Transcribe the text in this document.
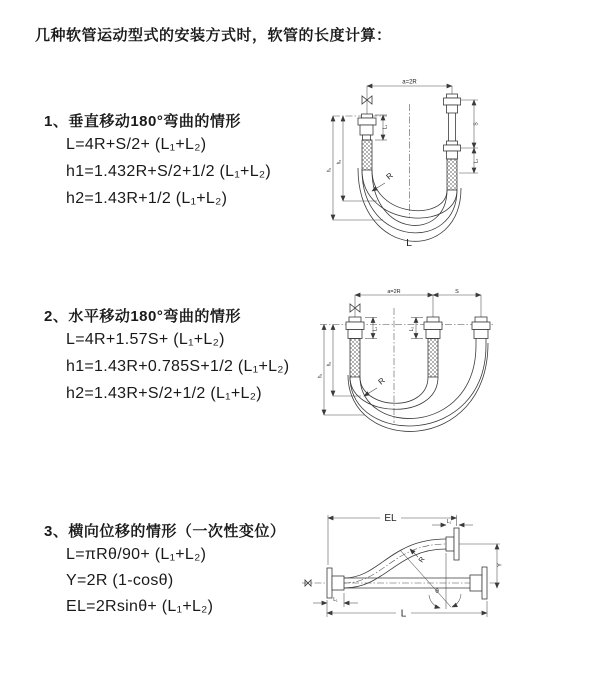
几种软管运动型式的安装方式时，软管的长度计算：
1、垂直移动180°弯曲的情形
L=4R+S/2+ (L₁+L₂)
h1=1.432R+S/2+1/2 (L₁+L₂)
h2=1.43R+1/2 (L₁+L₂)
a=2R
h₁
h₂
L₁
S
L₂
R
L
2、水平移动180°弯曲的情形
L=4R+1.57S+ (L₁+L₂)
h1=1.43R+0.785S+1/2 (L₁+L₂)
h2=1.43R+S/2+1/2 (L₁+L₂)
a=2R	S
h₁
h₂
L₁	L₂
R
3、横向位移的情形（一次性变位）
L=πRθ/90+ (L₁+L₂)
Y=2R (1-cosθ)
EL=2Rsinθ+ (L₁+L₂)
EL	L₁
Y
θ
R
L₁
L
